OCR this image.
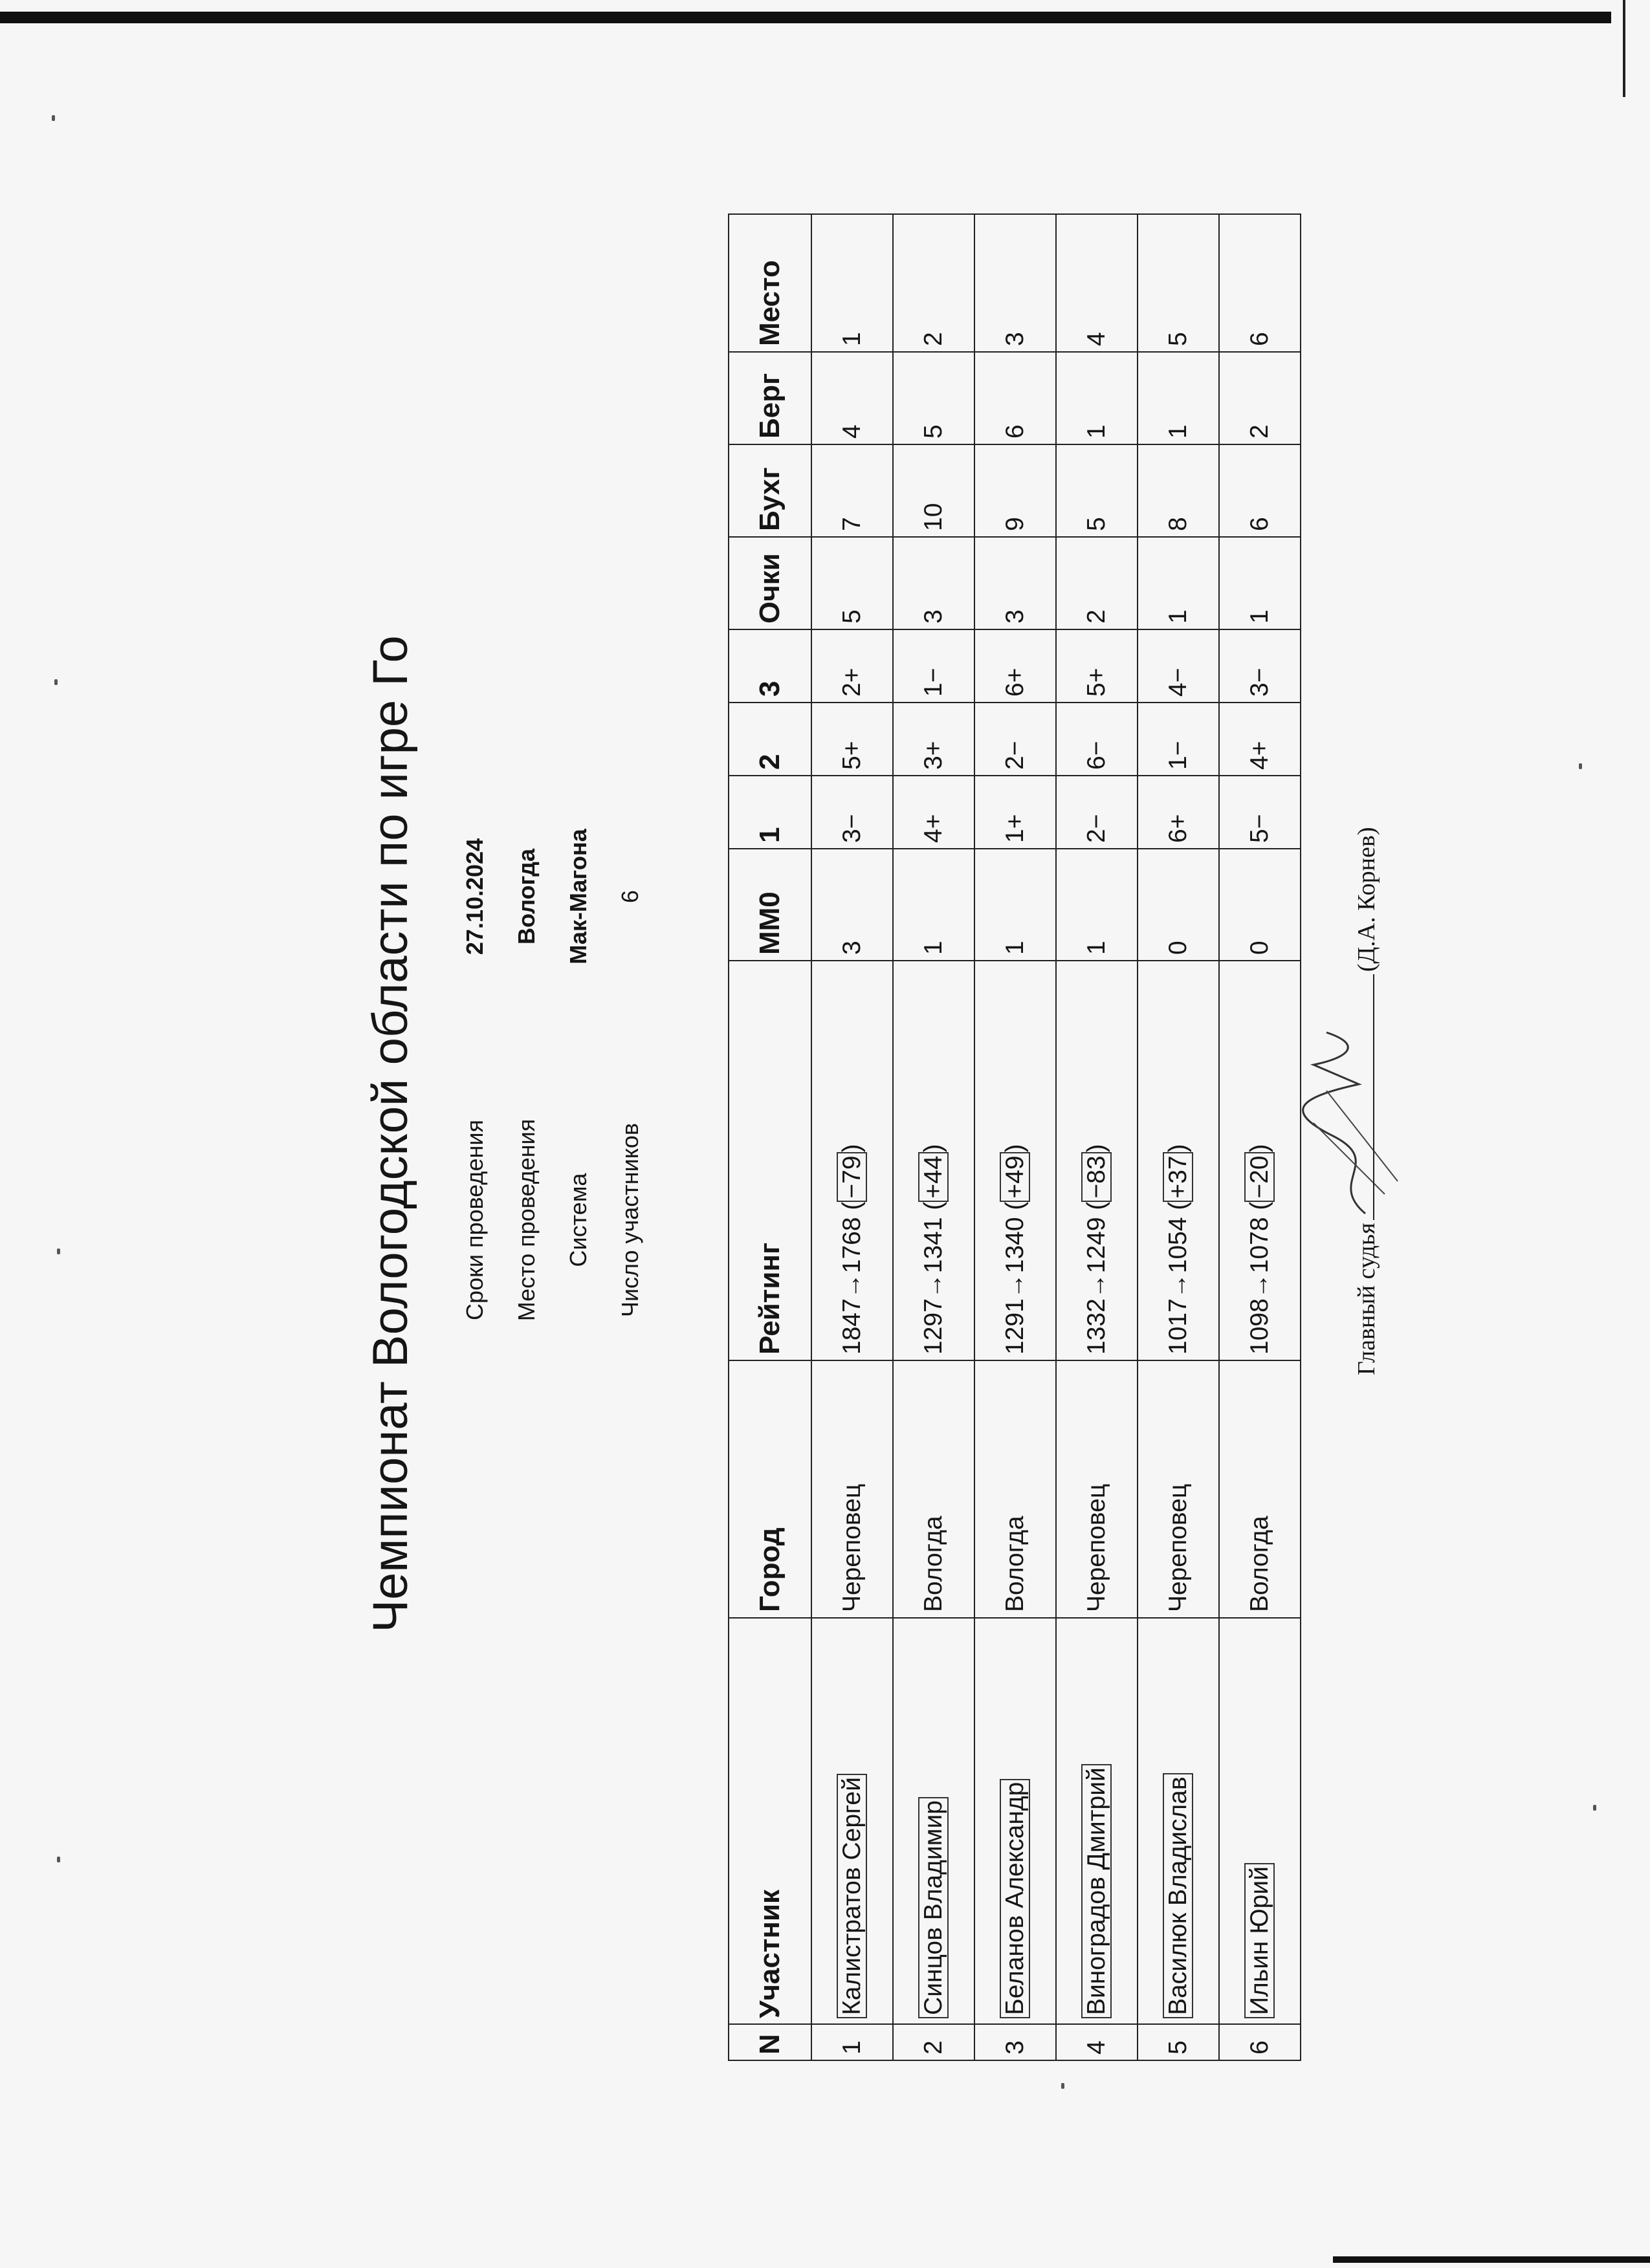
Чемпионат Вологодской области по игре Го Сроки проведения
27.10.2024
Место проведения
Вологда
Система
Мак-Магона
Число участников
6
N	Участник	Город	Рейтинг	ММ0	1	2	3	Очки	Бухг	Берг	Место
1	Калистратов Сергей	Череповец	1847→1768 (−79)	3	3−	5+	2+	5	7	4	1
2	Синцов Владимир	Вологда	1297→1341 (+44)	1	4+	3+	1−	3	10	5	2
3	Беланов Александр	Вологда	1291→1340 (+49)	1	1+	2−	6+	3	9	6	3
4	Виноградов Дмитрий	Череповец	1332→1249 (−83)	1	2−	6−	5+	2	5	1	4
5	Василюк Владислав	Череповец	1017→1054 (+37)	0	6+	1−	4−	1	8	1	5
6	Ильин Юрий	Вологда	1098→1078 (−20)	0	5−	4+	3−	1	6	2	6
Главный судья(Д.А. Корнев)
